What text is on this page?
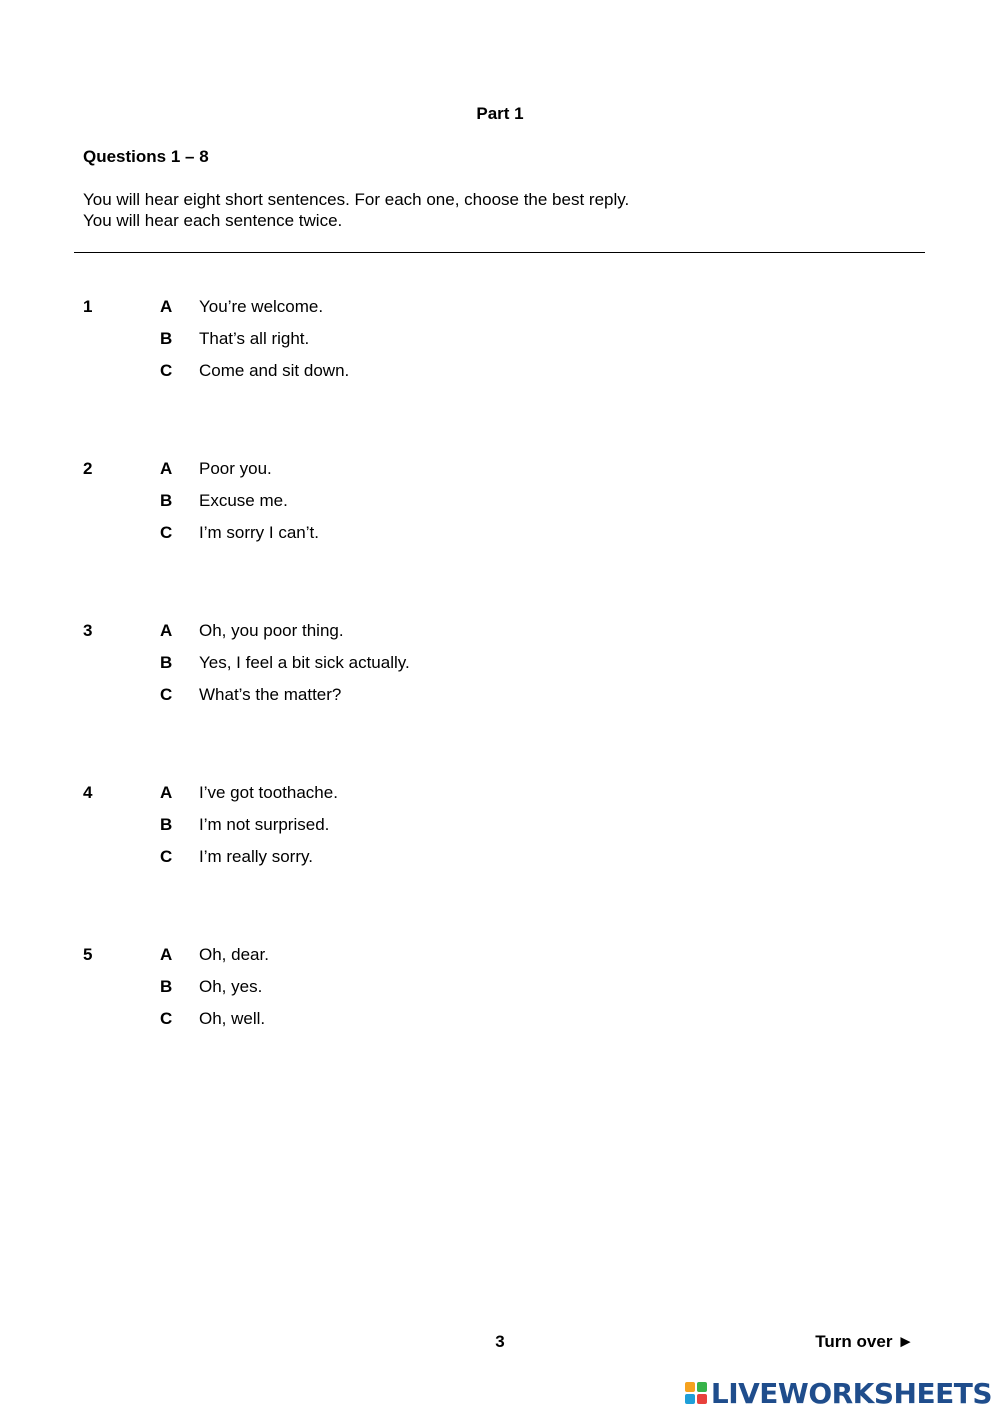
Part 1
Questions 1 – 8
You will hear eight short sentences. For each one, choose the best reply.
You will hear each sentence twice.
1	A You’re welcome.
B That’s all right.
C Come and sit down.
2	A Poor you.
B Excuse me.
C I’m sorry I can’t.
3	A Oh, you poor thing.
B Yes, I feel a bit sick actually.
C What’s the matter?
4	A I’ve got toothache.
B I’m not surprised.
C I’m really sorry.
5	A Oh, dear.
B Oh, yes.
C Oh, well.
3	Turn over ►
LIVEWORKSHEETS
